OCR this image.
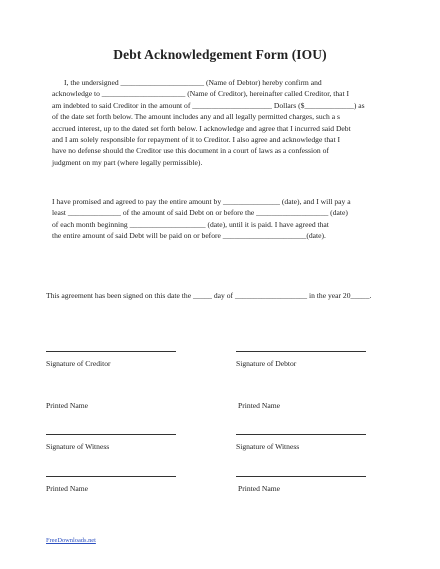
Debt Acknowledgement Form (IOU)
I, the undersigned ______________________ (Name of Debtor) hereby confirm and
acknowledge to ______________________ (Name of Creditor), hereinafter called Creditor, that I
am indebted to said Creditor in the amount of _____________________ Dollars ($_____________) as
of the date set forth below. The amount includes any and all legally permitted charges, such a s
accrued interest, up to the dated set forth below. I acknowledge and agree that I incurred said Debt
and I am solely responsible for repayment of it to Creditor. I also agree and acknowledge that I
have no defense should the Creditor use this document in a court of laws as a confession of
judgment on my part (where legally permissible).
I have promised and agreed to pay the entire amount by _______________ (date), and I will pay a
least ______________ of the amount of said Debt on or before the ___________________ (date)
of each month beginning ____________________ (date), until it is paid. I have agreed that
the entire amount of said Debt will be paid on or before ______________________(date).
This agreement has been signed on this date the _____ day of ___________________ in the year 20_____.
Signature of Creditor	Signature of Debtor
Printed Name	Printed Name
Signature of Witness	Signature of Witness
Printed Name	Printed Name
FreeDownloads.net
